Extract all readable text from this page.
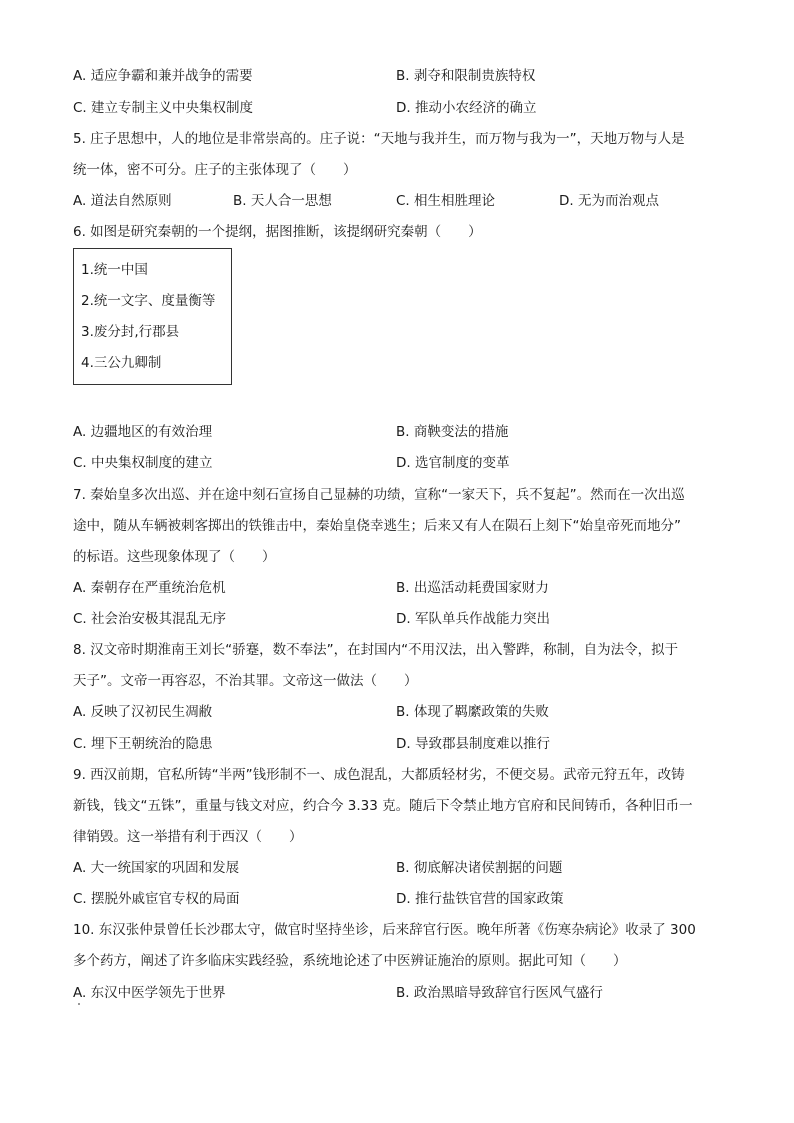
A. 适应争霸和兼并战争的需要	B. 剥夺和限制贵族特权
C. 建立专制主义中央集权制度	D. 推动小农经济的确立
5. 庄子思想中，人的地位是非常崇高的。庄子说：“天地与我并生，而万物与我为一”，天地万物与人是
统一体，密不可分。庄子的主张体现了（　　）
A. 道法自然原则	B. 天人合一思想	C. 相生相胜理论	D. 无为而治观点
6. 如图是研究秦朝的一个提纲，据图推断，该提纲研究秦朝（　　）
1.统一中国
2.统一文字、度量衡等
3.废分封,行郡县
4.三公九卿制
A. 边疆地区的有效治理	B. 商鞅变法的措施
C. 中央集权制度的建立	D. 选官制度的变革
7. 秦始皇多次出巡、并在途中刻石宣扬自己显赫的功绩，宣称“一家天下，兵不复起”。然而在一次出巡
途中，随从车辆被刺客掷出的铁锥击中，秦始皇侥幸逃生；后来又有人在陨石上刻下“始皇帝死而地分”
的标语。这些现象体现了（　　）
A. 秦朝存在严重统治危机	B. 出巡活动耗费国家财力
C. 社会治安极其混乱无序	D. 军队单兵作战能力突出
8. 汉文帝时期淮南王刘长“骄蹇，数不奉法”，在封国内“不用汉法，出入警跸，称制，自为法令，拟于
天子”。文帝一再容忍，不治其罪。文帝这一做法（　　）
A. 反映了汉初民生凋敝	B. 体现了羁縻政策的失败
C. 埋下王朝统治的隐患	D. 导致郡县制度难以推行
9. 西汉前期，官私所铸“半两”钱形制不一、成色混乱，大都质轻材劣，不便交易。武帝元狩五年，改铸
新钱，钱文“五铢”，重量与钱文对应，约合今 3.33 克。随后下令禁止地方官府和民间铸币，各种旧币一
律销毁。这一举措有利于西汉（　　）
A. 大一统国家的巩固和发展	B. 彻底解决诸侯割据的问题
C. 摆脱外戚宦官专权的局面	D. 推行盐铁官营的国家政策
10. 东汉张仲景曾任长沙郡太守，做官时坚持坐诊，后来辞官行医。晚年所著《伤寒杂病论》收录了 300
多个药方，阐述了许多临床实践经验，系统地论述了中医辨证施治的原则。据此可知（　　）
A. 东汉中医学领先于世界	B. 政治黑暗导致辞官行医风气盛行
